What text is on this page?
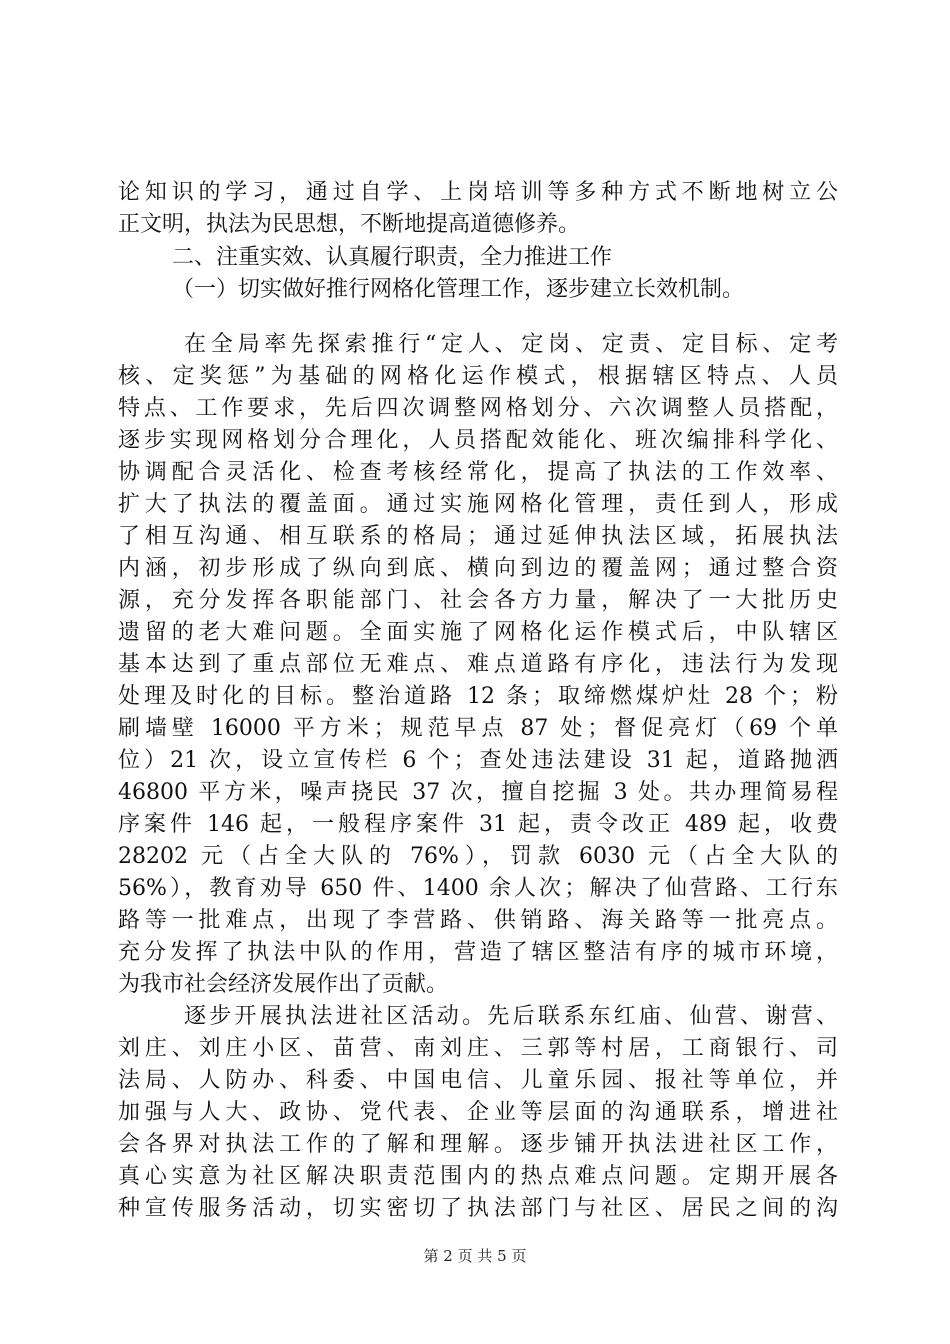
论知识的学习，通过自学、上岗培训等多种方式不断地树立公
正文明，执法为民思想，不断地提高道德修养。
二、注重实效、认真履行职责，全力推进工作
（一）切实做好推行网格化管理工作，逐步建立长效机制。
在全局率先探索推行“定人、定岗、定责、定目标、定考
核、定奖惩”为基础的网格化运作模式，根据辖区特点、人员
特点、工作要求，先后四次调整网格划分、六次调整人员搭配，
逐步实现网格划分合理化，人员搭配效能化、班次编排科学化、
协调配合灵活化、检查考核经常化，提高了执法的工作效率、
扩大了执法的覆盖面。通过实施网格化管理，责任到人，形成
了相互沟通、相互联系的格局；通过延伸执法区域，拓展执法
内涵，初步形成了纵向到底、横向到边的覆盖网；通过整合资
源，充分发挥各职能部门、社会各方力量，解决了一大批历史
遗留的老大难问题。全面实施了网格化运作模式后，中队辖区
基本达到了重点部位无难点、难点道路有序化，违法行为发现
处理及时化的目标。整治道路 12 条；取缔燃煤炉灶 28 个；粉
刷墙壁 16000 平方米；规范早点 87 处；督促亮灯（69 个单
位）21 次，设立宣传栏 6 个；查处违法建设 31 起，道路抛洒
46800 平方米，噪声挠民 37 次，擅自挖掘 3 处。共办理简易程
序案件 146 起，一般程序案件 31 起，责令改正 489 起，收费
28202 元（占全大队的 76%），罚款 6030 元（占全大队的
56%），教育劝导 650 件、1400 余人次；解决了仙营路、工行东
路等一批难点，出现了李营路、供销路、海关路等一批亮点。
充分发挥了执法中队的作用，营造了辖区整洁有序的城市环境，
为我市社会经济发展作出了贡献。
逐步开展执法进社区活动。先后联系东红庙、仙营、谢营、
刘庄、刘庄小区、苗营、南刘庄、三郭等村居，工商银行、司
法局、人防办、科委、中国电信、儿童乐园、报社等单位，并
加强与人大、政协、党代表、企业等层面的沟通联系，增进社
会各界对执法工作的了解和理解。逐步铺开执法进社区工作，
真心实意为社区解决职责范围内的热点难点问题。定期开展各
种宣传服务活动，切实密切了执法部门与社区、居民之间的沟
第 2 页 共 5 页
